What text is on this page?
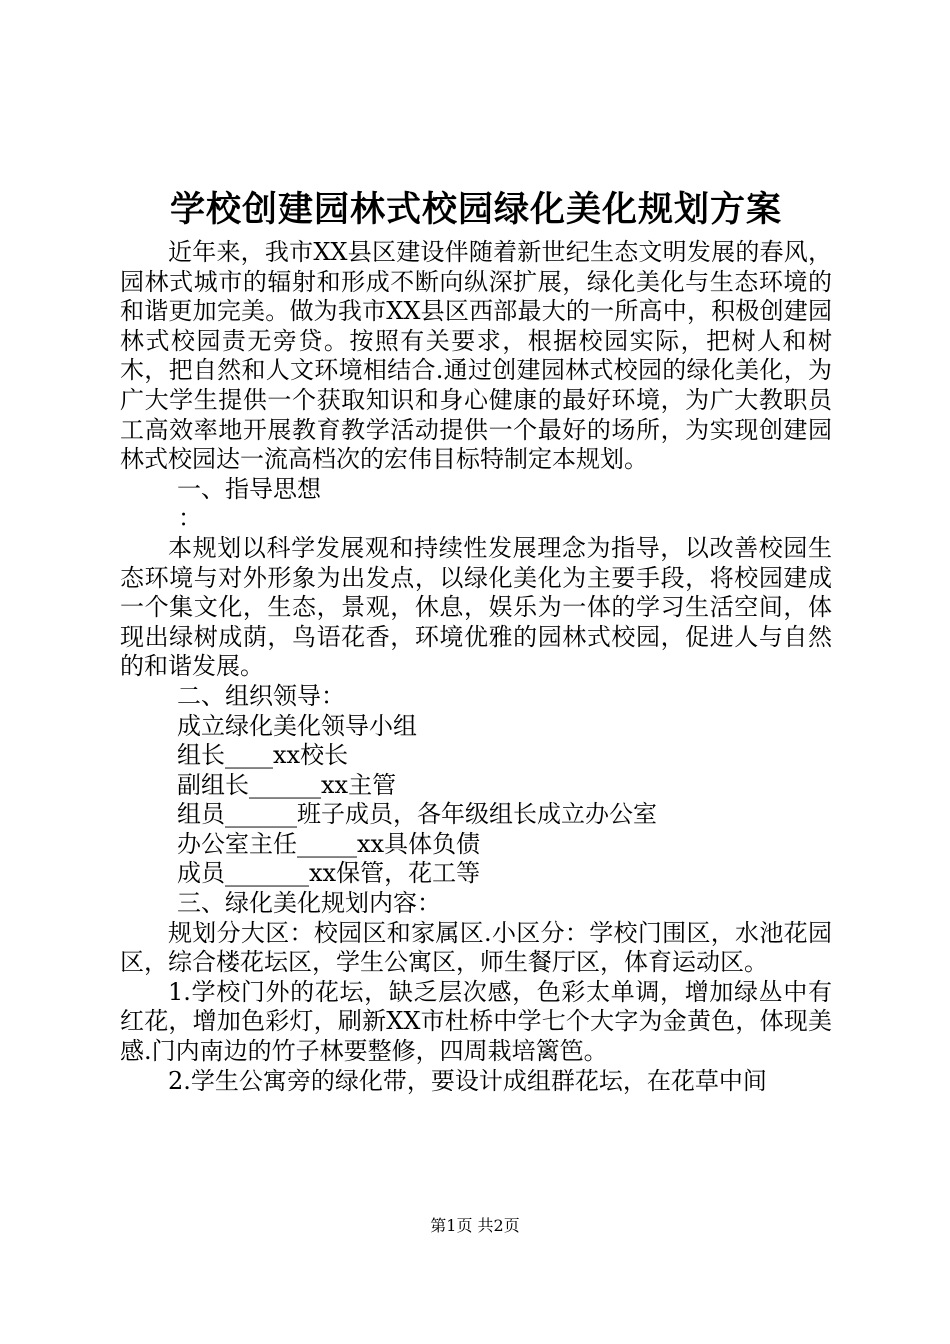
学校创建园林式校园绿化美化规划方案

近年来，我市XX县区建设伴随着新世纪生态文明发展的春风，园林式城市的辐射和形成不断向纵深扩展，绿化美化与生态环境的和谐更加完美。做为我市XX县区西部最大的一所高中，积极创建园林式校园责无旁贷。按照有关要求，根据校园实际，把树人和树木，把自然和人文环境相结合.通过创建园林式校园的绿化美化，为广大学生提供一个获取知识和身心健康的最好环境，为广大教职员工高效率地开展教育教学活动提供一个最好的场所，为实现创建园林式校园达一流高档次的宏伟目标特制定本规划。

一、指导思想

：

本规划以科学发展观和持续性发展理念为指导，以改善校园生态环境与对外形象为出发点，以绿化美化为主要手段，将校园建成一个集文化，生态，景观，休息，娱乐为一体的学习生活空间，体现出绿树成荫，鸟语花香，环境优雅的园林式校园，促进人与自然的和谐发展。

二、组织领导：

成立绿化美化领导小组

组长____xx校长

副组长______xx主管

组员______班子成员，各年级组长成立办公室

办公室主任_____xx具体负债

成员_______xx保管，花工等

三、绿化美化规划内容：

规划分大区：校园区和家属区.小区分：学校门围区，水池花园区，综合楼花坛区，学生公寓区，师生餐厅区，体育运动区。

1.学校门外的花坛，缺乏层次感，色彩太单调，增加绿丛中有红花，增加色彩灯，刷新XX市杜桥中学七个大字为金黄色，体现美感.门内南边的竹子林要整修，四周栽培篱笆。

2.学生公寓旁的绿化带，要设计成组群花坛，在花草中间

第1页 共2页
